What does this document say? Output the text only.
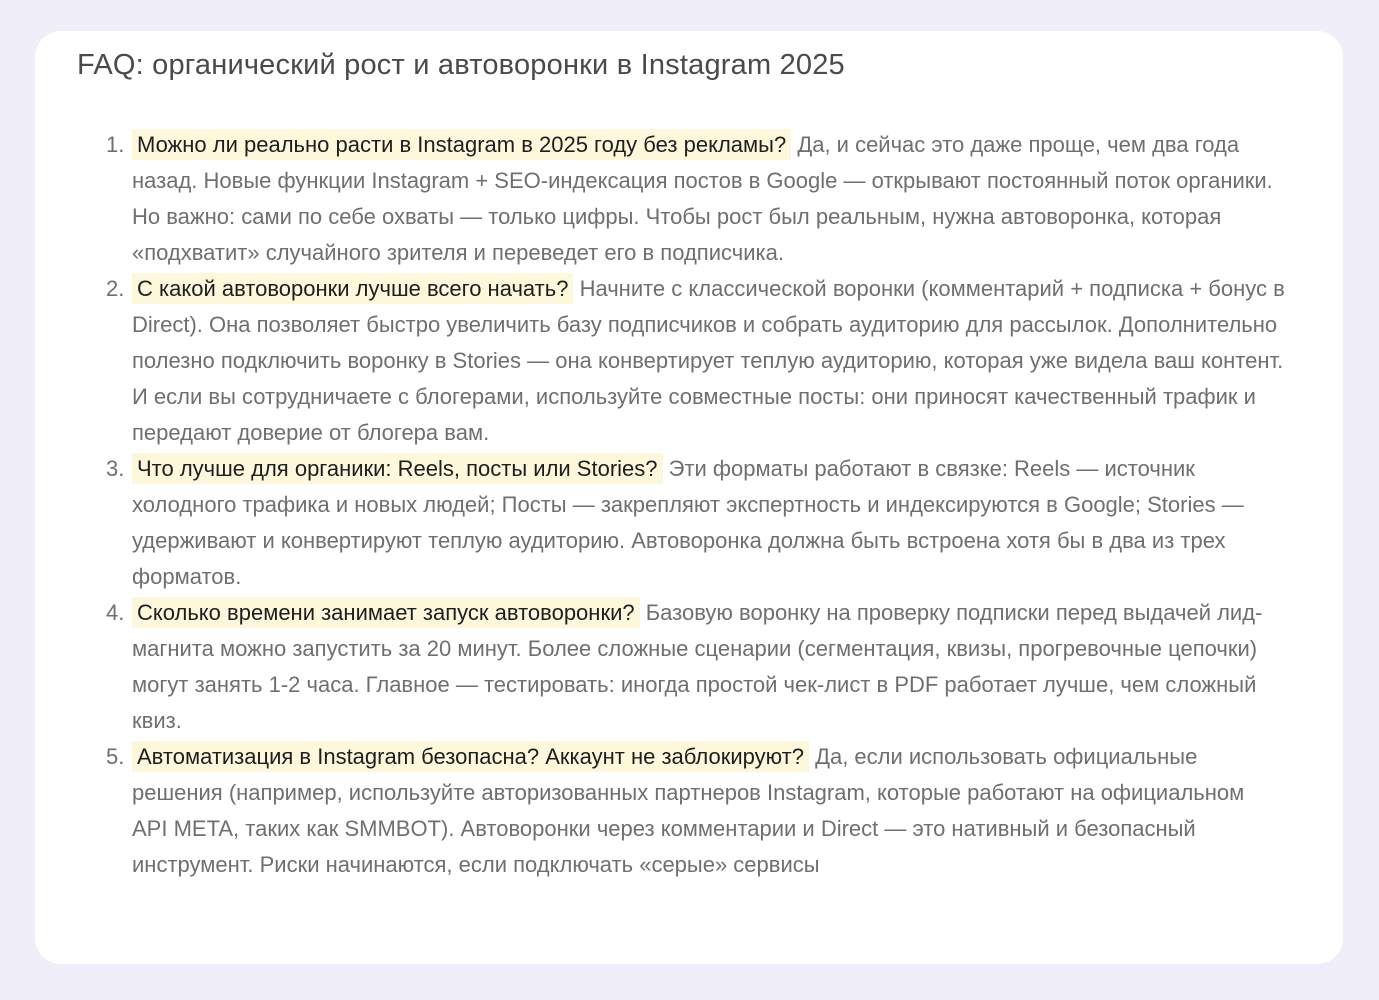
FAQ: органический рост и автоворонки в Instagram 2025
1. Можно ли реально расти в Instagram в 2025 году без рекламы? Да, и сейчас это даже проще, чем два года назад. Новые функции Instagram + SEO-индексация постов в Google — открывают постоянный поток органики. Но важно: сами по себе охваты — только цифры. Чтобы рост был реальным, нужна автоворонка, которая «подхватит» случайного зрителя и переведет его в подписчика.
2. С какой автоворонки лучше всего начать? Начните с классической воронки (комментарий + подписка + бонус в Direct). Она позволяет быстро увеличить базу подписчиков и собрать аудиторию для рассылок. Дополнительно полезно подключить воронку в Stories — она конвертирует теплую аудиторию, которая уже видела ваш контент. И если вы сотрудничаете с блогерами, используйте совместные посты: они приносят качественный трафик и передают доверие от блогера вам.
3. Что лучше для органики: Reels, посты или Stories? Эти форматы работают в связке: Reels — источник холодного трафика и новых людей; Посты — закрепляют экспертность и индексируются в Google; Stories — удерживают и конвертируют теплую аудиторию. Автоворонка должна быть встроена хотя бы в два из трех форматов.
4. Сколько времени занимает запуск автоворонки? Базовую воронку на проверку подписки перед выдачей лид-магнита можно запустить за 20 минут. Более сложные сценарии (сегментация, квизы, прогревочные цепочки) могут занять 1-2 часа. Главное — тестировать: иногда простой чек-лист в PDF работает лучше, чем сложный квиз.
5. Автоматизация в Instagram безопасна? Аккаунт не заблокируют? Да, если использовать официальные решения (например, используйте авторизованных партнеров Instagram, которые работают на официальном API META, таких как SMMBOT). Автоворонки через комментарии и Direct — это нативный и безопасный инструмент. Риски начинаются, если подключать «серые» сервисы
